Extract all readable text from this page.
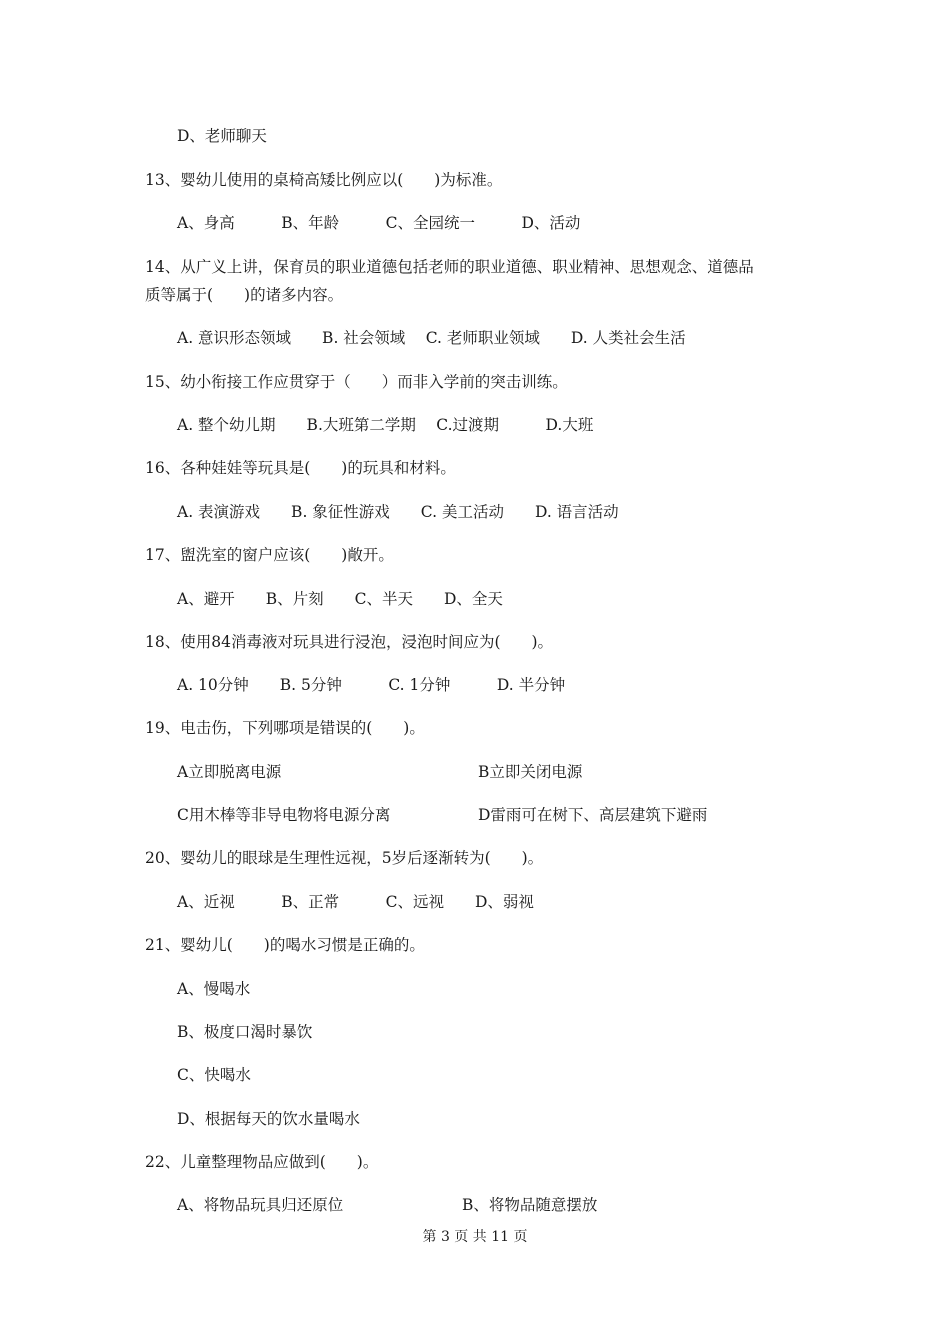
D、老师聊天
13、婴幼儿使用的桌椅高矮比例应以(　　)为标准。
A、身高　　　B、年龄　　　C、全园统一　　　D、活动
14、从广义上讲，保育员的职业道德包括老师的职业道德、职业精神、思想观念、道德品
质等属于(　　)的诸多内容。
A. 意识形态领域　　B. 社会领域　 C. 老师职业领域　　D. 人类社会生活
15、幼小衔接工作应贯穿于（　　）而非入学前的突击训练。
A. 整个幼儿期　　B.大班第二学期　 C.过渡期　　　D.大班
16、各种娃娃等玩具是(　　)的玩具和材料。
A. 表演游戏　　B. 象征性游戏　　C. 美工活动　　D. 语言活动
17、盥洗室的窗户应该(　　)敞开。
A、避开　　B、片刻　　C、半天　　D、全天
18、使用84消毒液对玩具进行浸泡，浸泡时间应为(　　)。
A. 10分钟　　B. 5分钟　　　C. 1分钟　　　D. 半分钟
19、电击伤，下列哪项是错误的(　　)。
A立即脱离电源	B立即关闭电源
C用木棒等非导电物将电源分离	D雷雨可在树下、高层建筑下避雨
20、婴幼儿的眼球是生理性远视，5岁后逐渐转为(　　)。
A、近视　　　B、正常　　　C、远视　　D、弱视
21、婴幼儿(　　)的喝水习惯是正确的。
A、慢喝水
B、极度口渴时暴饮
C、快喝水
D、根据每天的饮水量喝水
22、儿童整理物品应做到(　　)。
A、将物品玩具归还原位	B、将物品随意摆放
第 3 页 共 11 页
